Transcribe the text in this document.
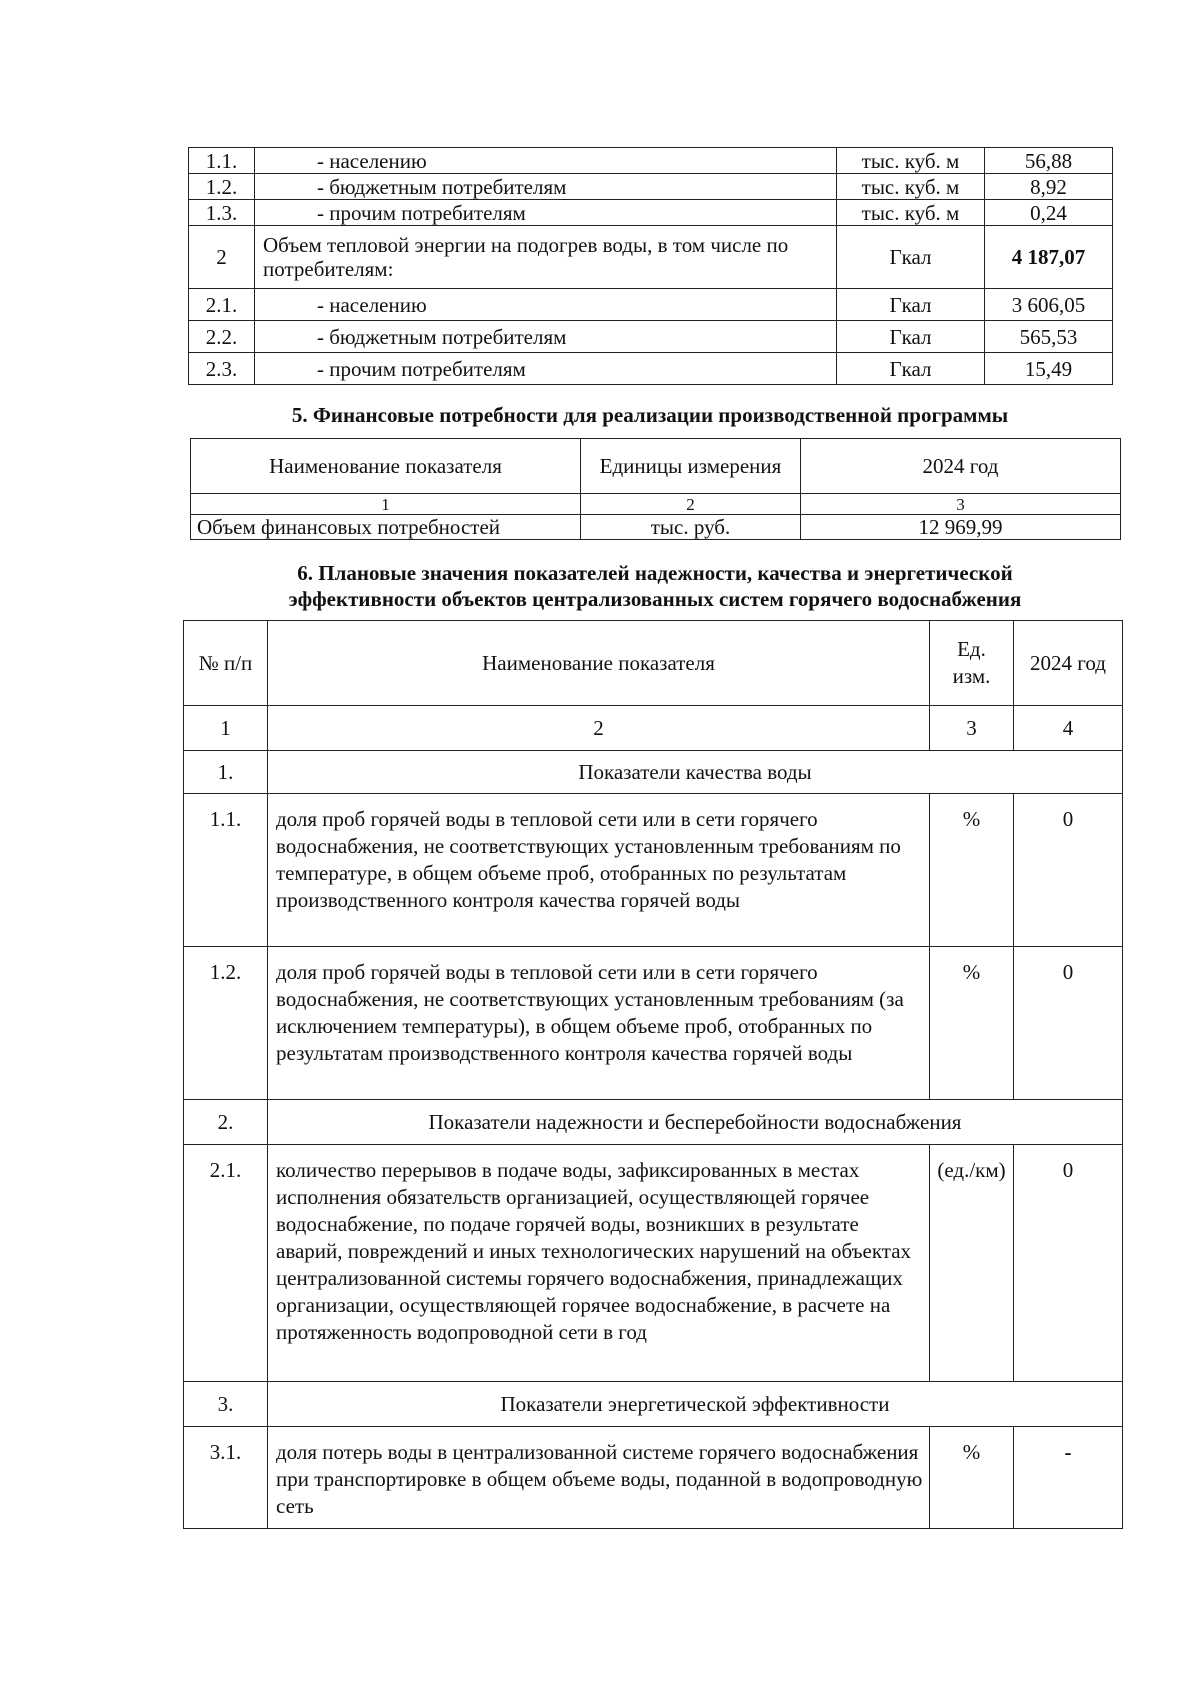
1.1.	- населению	тыс. куб. м	56,88
1.2.	- бюджетным потребителям	тыс. куб. м	8,92
1.3.	- прочим потребителям	тыс. куб. м	0,24
2	Объем тепловой энергии на подогрев воды, в том числе по потребителям:	Гкал	4 187,07
2.1.	- населению	Гкал	3 606,05
2.2.	- бюджетным потребителям	Гкал	565,53
2.3.	- прочим потребителям	Гкал	15,49
5. Финансовые потребности для реализации производственной программы
Наименование показателя	Единицы измерения	2024 год
1	2	3
Объем финансовых потребностей	тыс. руб.	12 969,99
6. Плановые значения показателей надежности, качества и энергетической
эффективности объектов централизованных систем горячего водоснабжения
№ п/п	Наименование показателя	Ед. изм.	2024 год
1	2	3	4
1.	Показатели качества воды		
1.1.	доля проб горячей воды в тепловой сети или в сети горячего водоснабжения, не соответствующих установленным требованиям по температуре, в общем объеме проб, отобранных по результатам производственного контроля качества горячей воды	%	0
1.2.	доля проб горячей воды в тепловой сети или в сети горячего водоснабжения, не соответствующих установленным требованиям (за исключением температуры), в общем объеме проб, отобранных по результатам производственного контроля качества горячей воды	%	0
2.	Показатели надежности и бесперебойности водоснабжения		
2.1.	количество перерывов в подаче воды, зафиксированных в местах исполнения обязательств организацией, осуществляющей горячее водоснабжение, по подаче горячей воды, возникших в результате аварий, повреждений и иных технологических нарушений на объектах централизованной системы горячего водоснабжения, принадлежащих организации, осуществляющей горячее водоснабжение, в расчете на протяженность водопроводной сети в год	(ед./км)	0
3.	Показатели энергетической эффективности		
3.1.	доля потерь воды в централизованной системе горячего водоснабжения при транспортировке в общем объеме воды, поданной в водопроводную сеть	%	-
